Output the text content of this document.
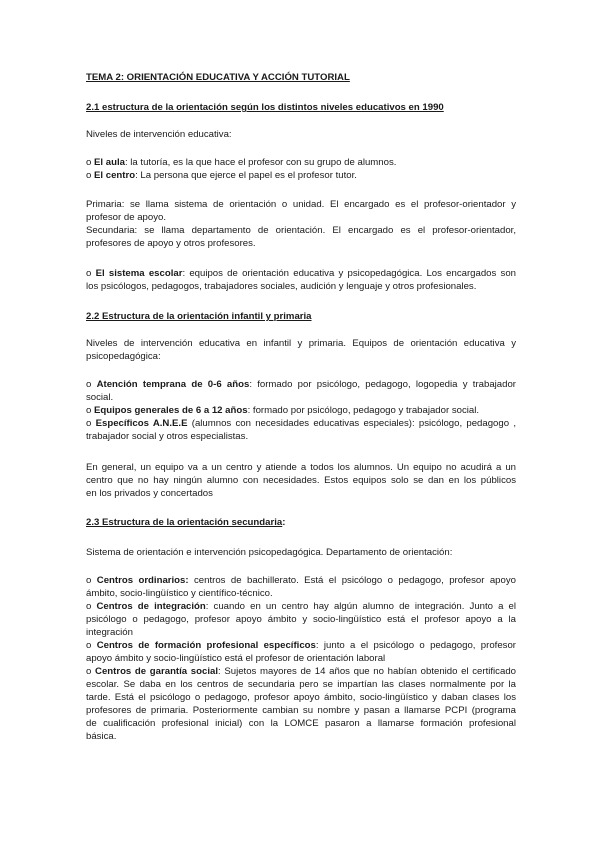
TEMA 2: ORIENTACIÓN EDUCATIVA Y ACCIÓN TUTORIAL
2.1 estructura de la orientación según los distintos niveles educativos en 1990
Niveles de intervención educativa:
o El aula: la tutoría, es la que hace el profesor con su grupo de alumnos.
o El centro: La persona que ejerce el papel es el profesor tutor.
Primaria: se llama sistema de orientación o unidad. El encargado es el profesor-orientador y
profesor de apoyo.
Secundaria: se llama departamento de orientación. El encargado es el profesor-orientador,
profesores de apoyo y otros profesores.
o El sistema escolar: equipos de orientación educativa y psicopedagógica. Los encargados son
los psicólogos, pedagogos, trabajadores sociales, audición y lenguaje y otros profesionales.
2.2 Estructura de la orientación infantil y primaria
Niveles de intervención educativa en infantil y primaria. Equipos de orientación educativa y
psicopedagógica:
o Atención temprana de 0-6 años: formado por psicólogo, pedagogo, logopedia y trabajador
social.
o Equipos generales de 6 a 12 años: formado por psicólogo, pedagogo y trabajador social.
o Específicos A.N.E.E (alumnos con necesidades educativas especiales): psicólogo, pedagogo ,
trabajador social y otros especialistas.
En general, un equipo va a un centro y atiende a todos los alumnos. Un equipo no acudirá a un
centro que no hay ningún alumno con necesidades. Estos equipos solo se dan en los públicos
en los privados y concertados
2.3 Estructura de la orientación secundaria:
Sistema de orientación e intervención psicopedagógica. Departamento de orientación:
o Centros ordinarios: centros de bachillerato. Está el psicólogo o pedagogo, profesor apoyo
ámbito, socio-lingüístico y científico-técnico.
o Centros de integración: cuando en un centro hay algún alumno de integración. Junto a el
psicólogo o pedagogo, profesor apoyo ámbito y socio-lingüístico está el profesor apoyo a la
integración
o Centros de formación profesional específicos: junto a el psicólogo o pedagogo, profesor
apoyo ámbito y socio-lingüístico está el profesor de orientación laboral
o Centros de garantía social: Sujetos mayores de 14 años que no habían obtenido el certificado
escolar. Se daba en los centros de secundaria pero se impartían las clases normalmente por la
tarde. Está el psicólogo o pedagogo, profesor apoyo ámbito, socio-lingüístico y daban clases los
profesores de primaria. Posteriormente cambian su nombre y pasan a llamarse PCPI (programa
de cualificación profesional inicial) con la LOMCE pasaron a llamarse formación profesional
básica.
